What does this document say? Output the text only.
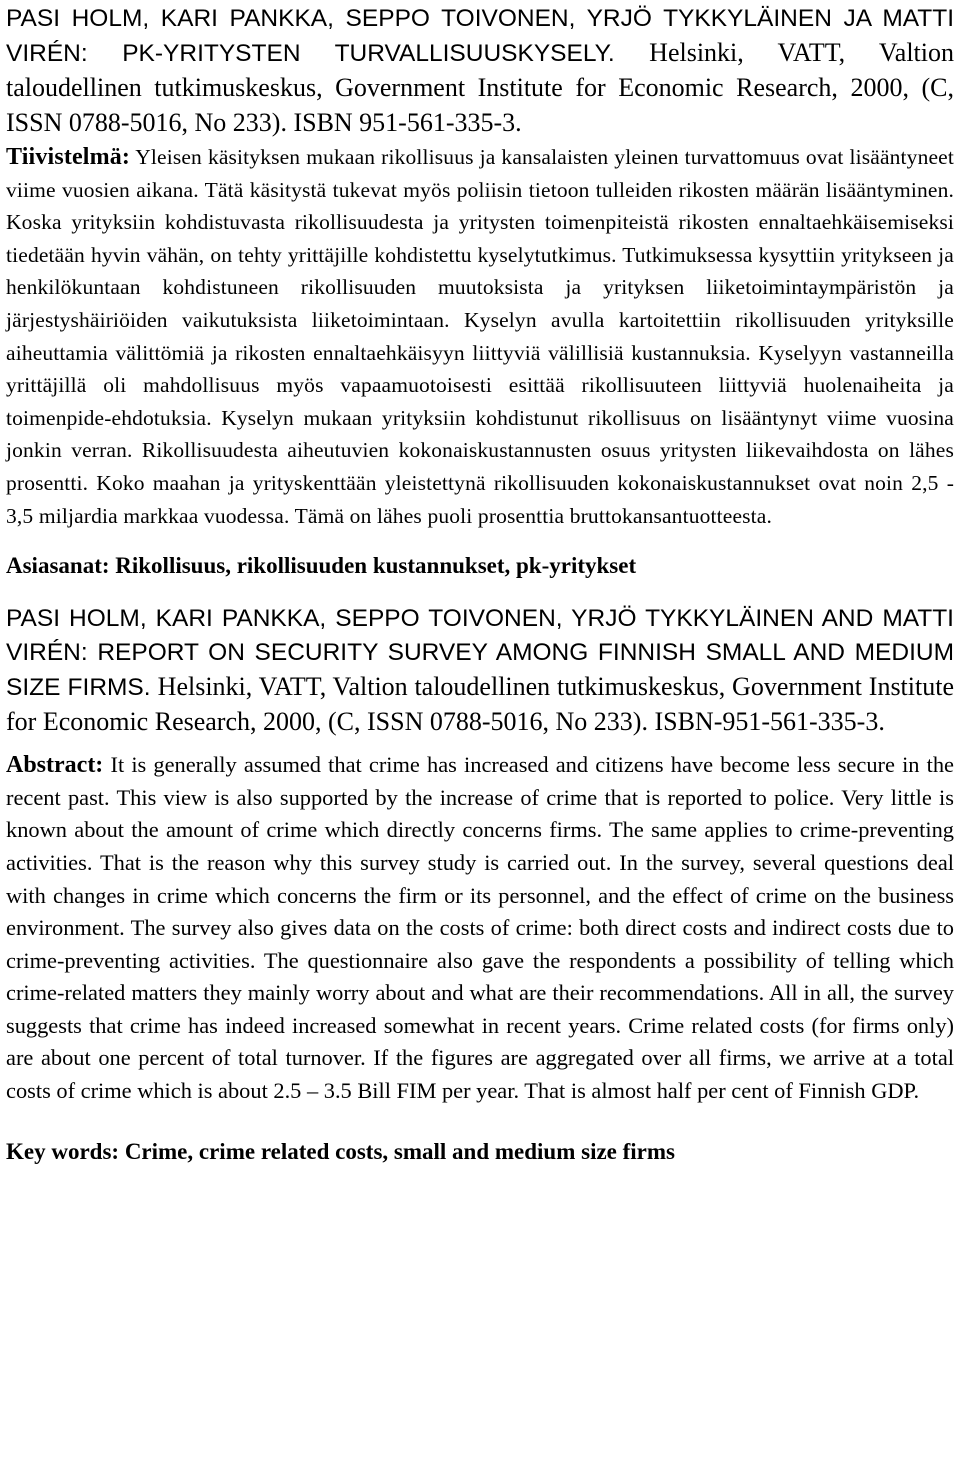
PASI HOLM, KARI PANKKA, SEPPO TOIVONEN, YRJÖ TYKKYLÄINEN JA MATTI VIRÉN: PK-YRITYSTEN TURVALLISUUSKYSELY. Helsinki, VATT, Valtion taloudellinen tutkimuskeskus, Government Institute for Economic Research, 2000, (C, ISSN 0788-5016, No 233). ISBN 951-561-335-3.

Tiivistelmä: Yleisen käsityksen mukaan rikollisuus ja kansalaisten yleinen turvattomuus ovat lisääntyneet viime vuosien aikana. Tätä käsitystä tukevat myös poliisin tietoon tulleiden rikosten määrän lisääntyminen. Koska yrityksiin kohdistuvasta rikollisuudesta ja yritysten toimenpiteistä rikosten ennaltaehkäisemiseksi tiedetään hyvin vähän, on tehty yrittäjille kohdistettu kyselytutkimus. Tutkimuksessa kysyttiin yritykseen ja henkilökuntaan kohdistuneen rikollisuuden muutoksista ja yrityksen liiketoimintaympäristön ja järjestyshäiriöiden vaikutuksista liiketoimintaan. Kyselyn avulla kartoitettiin rikollisuuden yrityksille aiheuttamia välittömiä ja rikosten ennaltaehkäisyyn liittyviä välillisiä kustannuksia. Kyselyyn vastanneilla yrittäjillä oli mahdollisuus myös vapaamuotoisesti esittää rikollisuuteen liittyviä huolenaiheita ja toimenpide-ehdotuksia. Kyselyn mukaan yrityksiin kohdistunut rikollisuus on lisääntynyt viime vuosina jonkin verran. Rikollisuudesta aiheutuvien kokonaiskustannusten osuus yritysten liikevaihdosta on lähes prosentti. Koko maahan ja yrityskenttään yleistettynä rikollisuuden kokonaiskustannukset ovat noin 2,5 - 3,5 miljardia markkaa vuodessa. Tämä on lähes puoli prosenttia bruttokansantuotteesta.

Asiasanat: Rikollisuus, rikollisuuden kustannukset, pk-yritykset

PASI HOLM, KARI PANKKA, SEPPO TOIVONEN, YRJÖ TYKKYLÄINEN AND MATTI VIRÉN: REPORT ON SECURITY SURVEY AMONG FINNISH SMALL AND MEDIUM SIZE FIRMS. Helsinki, VATT, Valtion taloudellinen tutkimuskeskus, Government Institute for Economic Research, 2000, (C, ISSN 0788-5016, No 233). ISBN-951-561-335-3.

Abstract: It is generally assumed that crime has increased and citizens have become less secure in the recent past. This view is also supported by the increase of crime that is reported to police. Very little is known about the amount of crime which directly concerns firms. The same applies to crime-preventing activities. That is the reason why this survey study is carried out. In the survey, several questions deal with changes in crime which concerns the firm or its personnel, and the effect of crime on the business environment. The survey also gives data on the costs of crime: both direct costs and indirect costs due to crime-preventing activities. The questionnaire also gave the respondents a possibility of telling which crime-related matters they mainly worry about and what are their recommendations. All in all, the survey suggests that crime has indeed increased somewhat in recent years. Crime related costs (for firms only) are about one percent of total turnover. If the figures are aggregated over all firms, we arrive at a total costs of crime which is about 2.5 – 3.5 Bill FIM per year. That is almost half per cent of Finnish GDP.

Key words: Crime, crime related costs, small and medium size firms
